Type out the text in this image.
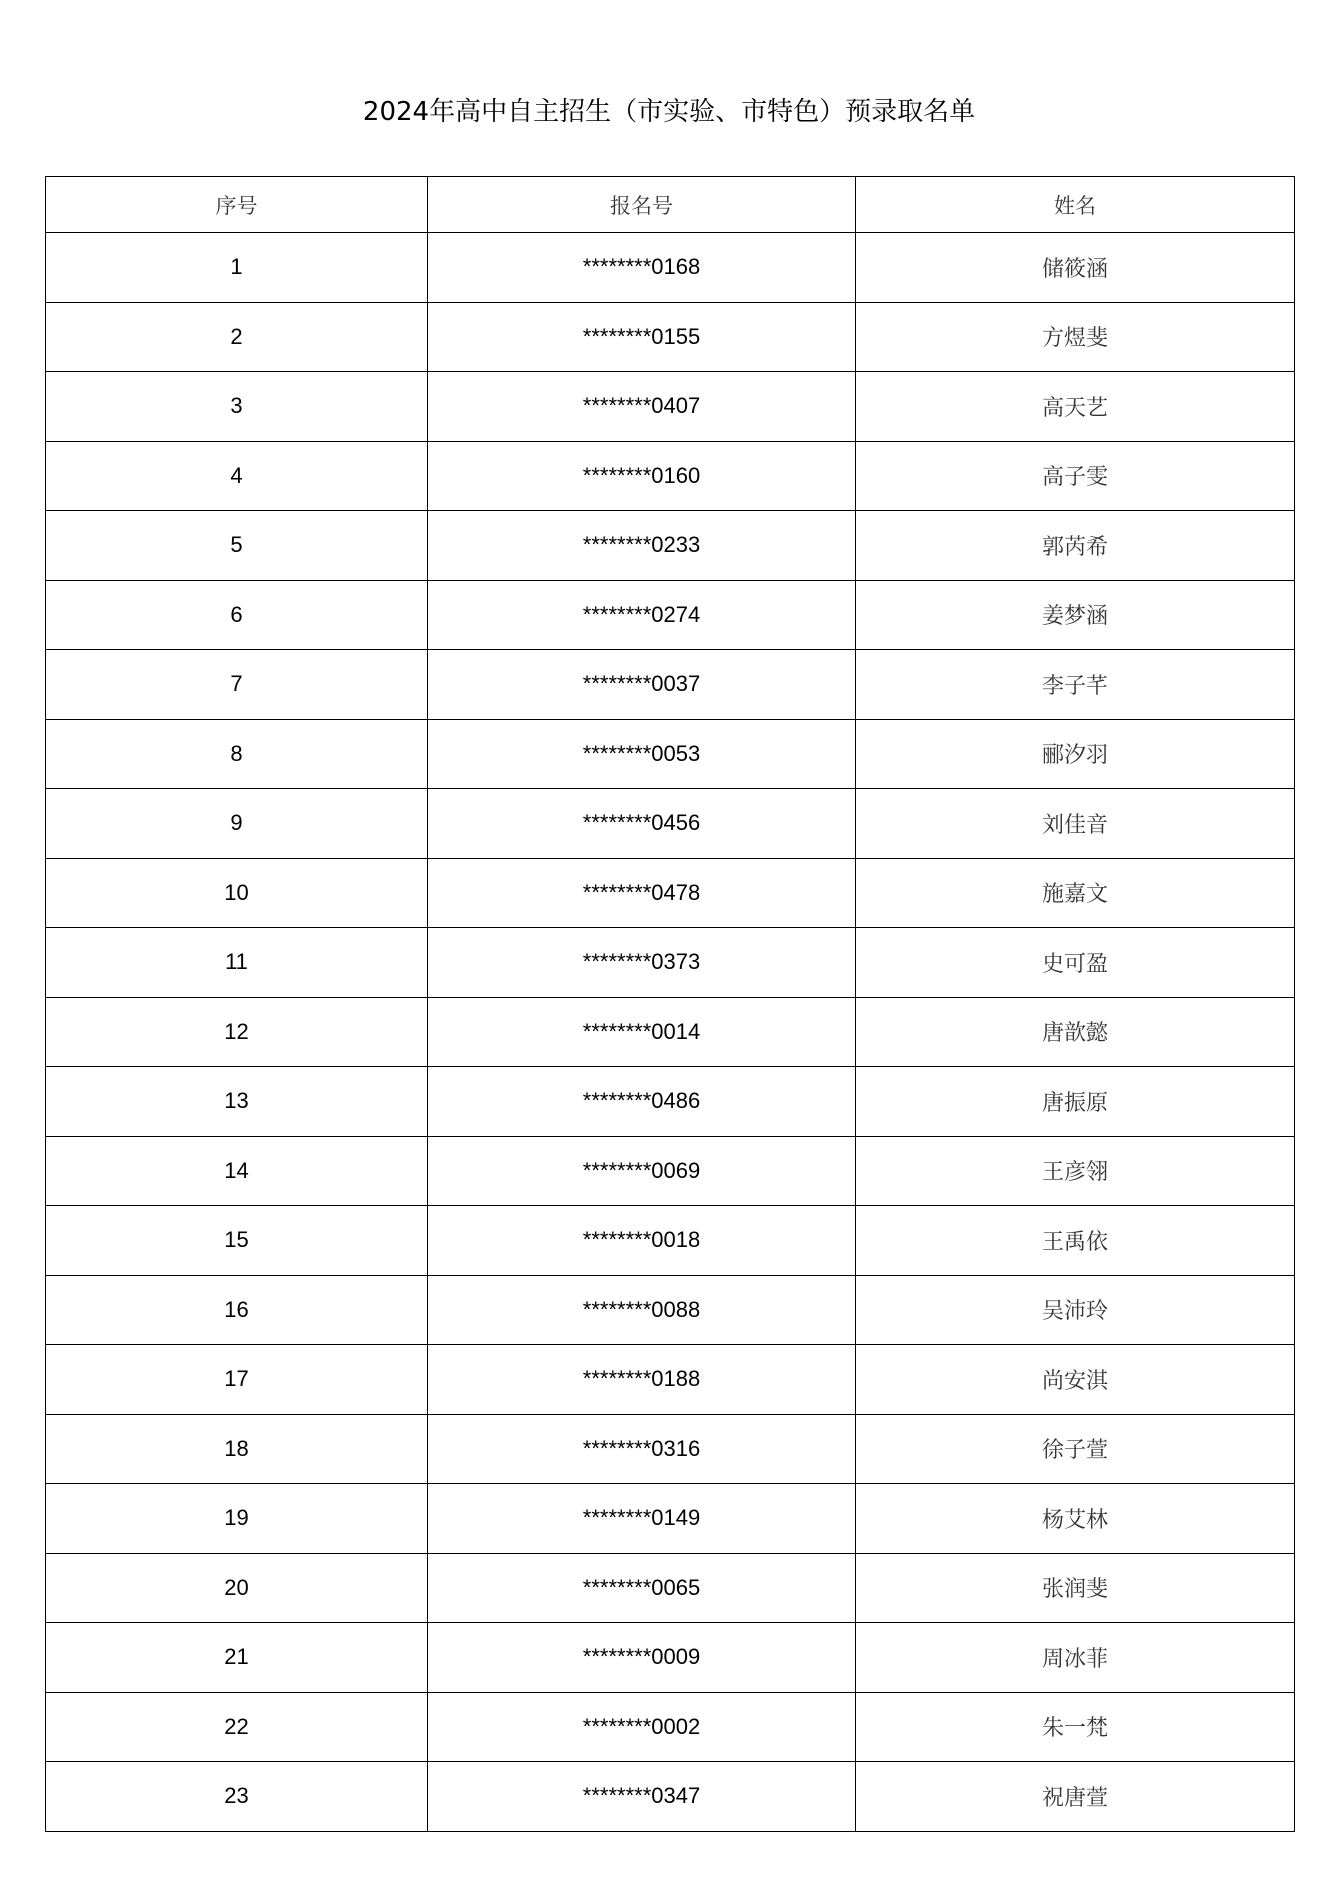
2024年高中自主招生（市实验、市特色）预录取名单
序号	报名号	姓名
1	********0168	储筱涵
2	********0155	方煜斐
3	********0407	高天艺
4	********0160	高子雯
5	********0233	郭芮希
6	********0274	姜梦涵
7	********0037	李子芊
8	********0053	郦汐羽
9	********0456	刘佳音
10	********0478	施嘉文
11	********0373	史可盈
12	********0014	唐歆懿
13	********0486	唐振原
14	********0069	王彦翎
15	********0018	王禹依
16	********0088	吴沛玲
17	********0188	尚安淇
18	********0316	徐子萱
19	********0149	杨艾林
20	********0065	张润斐
21	********0009	周冰菲
22	********0002	朱一梵
23	********0347	祝唐萱
